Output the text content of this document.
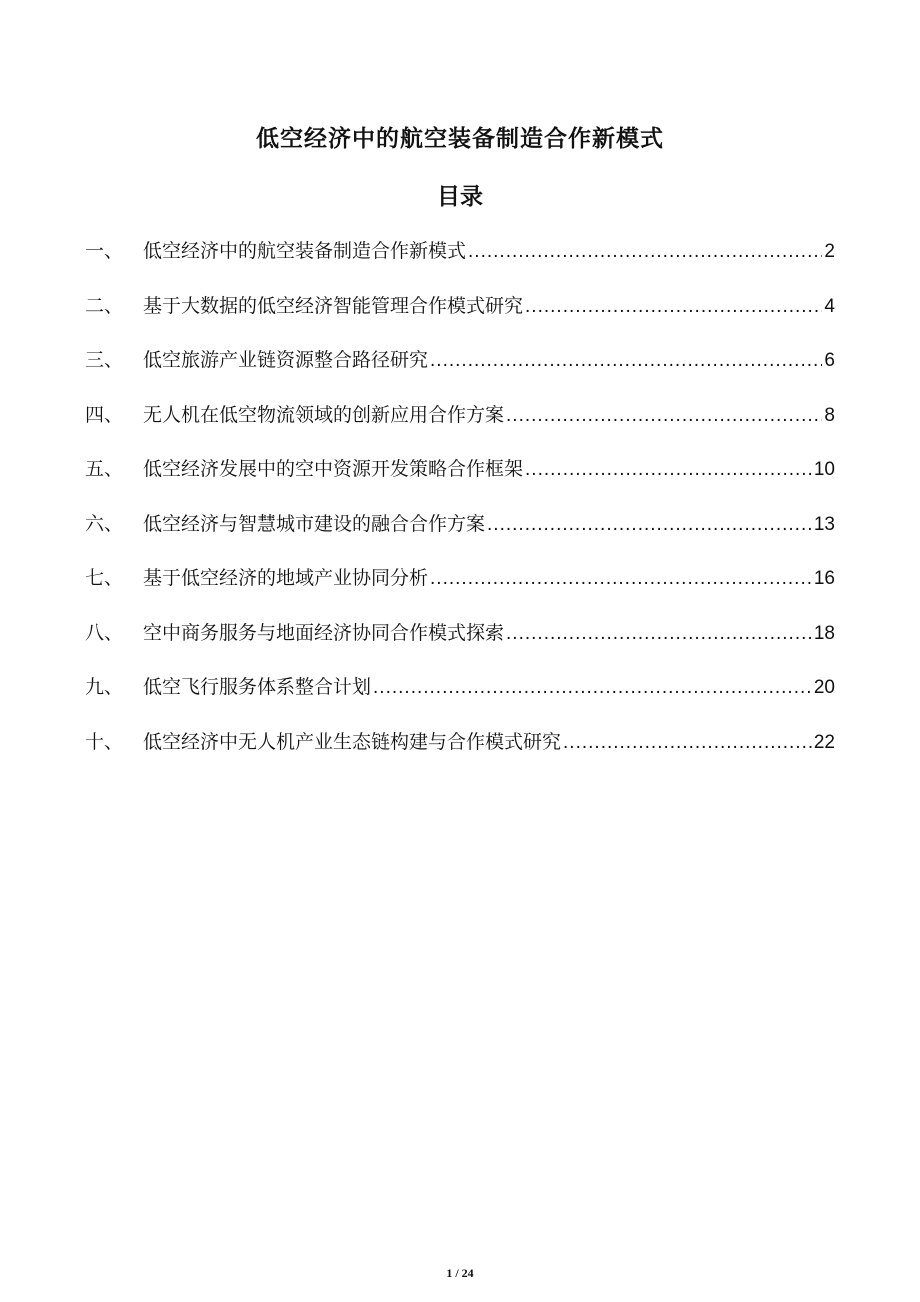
低空经济中的航空装备制造合作新模式
目录
一、	低空经济中的航空装备制造合作新模式 .....	2
二、	基于大数据的低空经济智能管理合作模式研究 .....	4
三、	低空旅游产业链资源整合路径研究 .....	6
四、	无人机在低空物流领域的创新应用合作方案 .....	8
五、	低空经济发展中的空中资源开发策略合作框架 .....	10
六、	低空经济与智慧城市建设的融合合作方案 .....	13
七、	基于低空经济的地域产业协同分析 .....	16
八、	空中商务服务与地面经济协同合作模式探索 .....	18
九、	低空飞行服务体系整合计划 .....	20
十、	低空经济中无人机产业生态链构建与合作模式研究 .....	22
1 / 24
